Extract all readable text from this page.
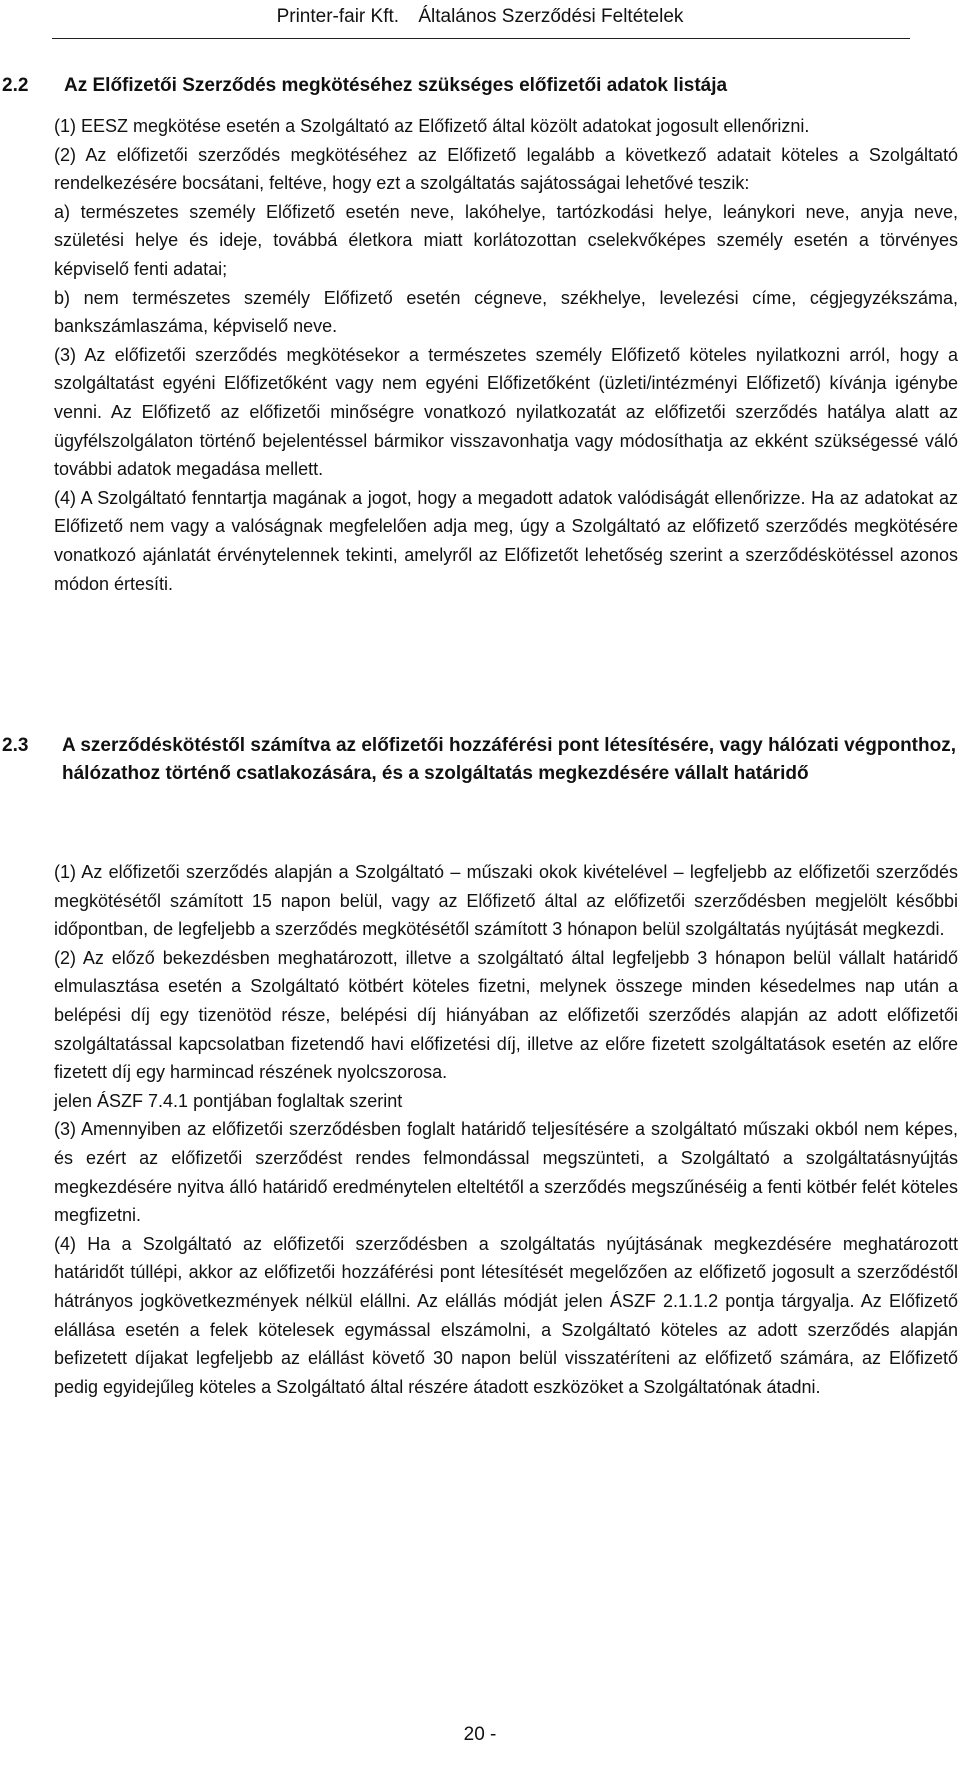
Printer-fair Kft. Általános Szerződési Feltételek
2.2 Az Előfizetői Szerződés megkötéséhez szükséges előfizetői adatok listája

(1) EESZ megkötése esetén a Szolgáltató az Előfizető által közölt adatokat jogosult ellenőrizni.

(2) Az előfizetői szerződés megkötéséhez az Előfizető legalább a következő adatait köteles a Szolgáltató rendelkezésére bocsátani, feltéve, hogy ezt a szolgáltatás sajátosságai lehetővé teszik:

a) természetes személy Előfizető esetén neve, lakóhelye, tartózkodási helye, leánykori neve, anyja neve, születési helye és ideje, továbbá életkora miatt korlátozottan cselekvőképes személy esetén a törvényes képviselő fenti adatai;

b) nem természetes személy Előfizető esetén cégneve, székhelye, levelezési címe, cégjegyzékszáma, bankszámlaszáma, képviselő neve.

(3) Az előfizetői szerződés megkötésekor a természetes személy Előfizető köteles nyilatkozni arról, hogy a szolgáltatást egyéni Előfizetőként vagy nem egyéni Előfizetőként (üzleti/intézményi Előfizető) kívánja igénybe venni. Az Előfizető az előfizetői minőségre vonatkozó nyilatkozatát az előfizetői szerződés hatálya alatt az ügyfélszolgálaton történő bejelentéssel bármikor visszavonhatja vagy módosíthatja az ekként szükségessé váló további adatok megadása mellett.

(4) A Szolgáltató fenntartja magának a jogot, hogy a megadott adatok valódiságát ellenőrizze. Ha az adatokat az Előfizető nem vagy a valóságnak megfelelően adja meg, úgy a Szolgáltató az előfizető szerződés megkötésére vonatkozó ajánlatát érvénytelennek tekinti, amelyről az Előfizetőt lehetőség szerint a szerződéskötéssel azonos módon értesíti.

2.3 A szerződéskötéstől számítva az előfizetői hozzáférési pont létesítésére, vagy hálózati végponthoz, hálózathoz történő csatlakozására, és a szolgáltatás megkezdésére vállalt határidő

(1) Az előfizetői szerződés alapján a Szolgáltató – műszaki okok kivételével – legfeljebb az előfizetői szerződés megkötésétől számított 15 napon belül, vagy az Előfizető által az előfizetői szerződésben megjelölt későbbi időpontban, de legfeljebb a szerződés megkötésétől számított 3 hónapon belül szolgáltatás nyújtását megkezdi.

(2) Az előző bekezdésben meghatározott, illetve a szolgáltató által legfeljebb 3 hónapon belül vállalt határidő elmulasztása esetén a Szolgáltató kötbért köteles fizetni, melynek összege minden késedelmes nap után a belépési díj egy tizenötöd része, belépési díj hiányában az előfizetői szerződés alapján az adott előfizetői szolgáltatással kapcsolatban fizetendő havi előfizetési díj, illetve az előre fizetett szolgáltatások esetén az előre fizetett díj egy harmincad részének nyolcszorosa.

jelen ÁSZF 7.4.1 pontjában foglaltak szerint

(3) Amennyiben az előfizetői szerződésben foglalt határidő teljesítésére a szolgáltató műszaki okból nem képes, és ezért az előfizetői szerződést rendes felmondással megszünteti, a Szolgáltató a szolgáltatásnyújtás megkezdésére nyitva álló határidő eredménytelen elteltétől a szerződés megszűnéséig a fenti kötbér felét köteles megfizetni.

(4) Ha a Szolgáltató az előfizetői szerződésben a szolgáltatás nyújtásának megkezdésére meghatározott határidőt túllépi, akkor az előfizetői hozzáférési pont létesítését megelőzően az előfizető jogosult a szerződéstől hátrányos jogkövetkezmények nélkül elállni. Az elállás módját jelen ÁSZF 2.1.1.2 pontja tárgyalja. Az Előfizető elállása esetén a felek kötelesek egymással elszámolni, a Szolgáltató köteles az adott szerződés alapján befizetett díjakat legfeljebb az elállást követő 30 napon belül visszatéríteni az előfizető számára, az Előfizető pedig egyidejűleg köteles a Szolgáltató által részére átadott eszközöket a Szolgáltatónak átadni.

20 -
